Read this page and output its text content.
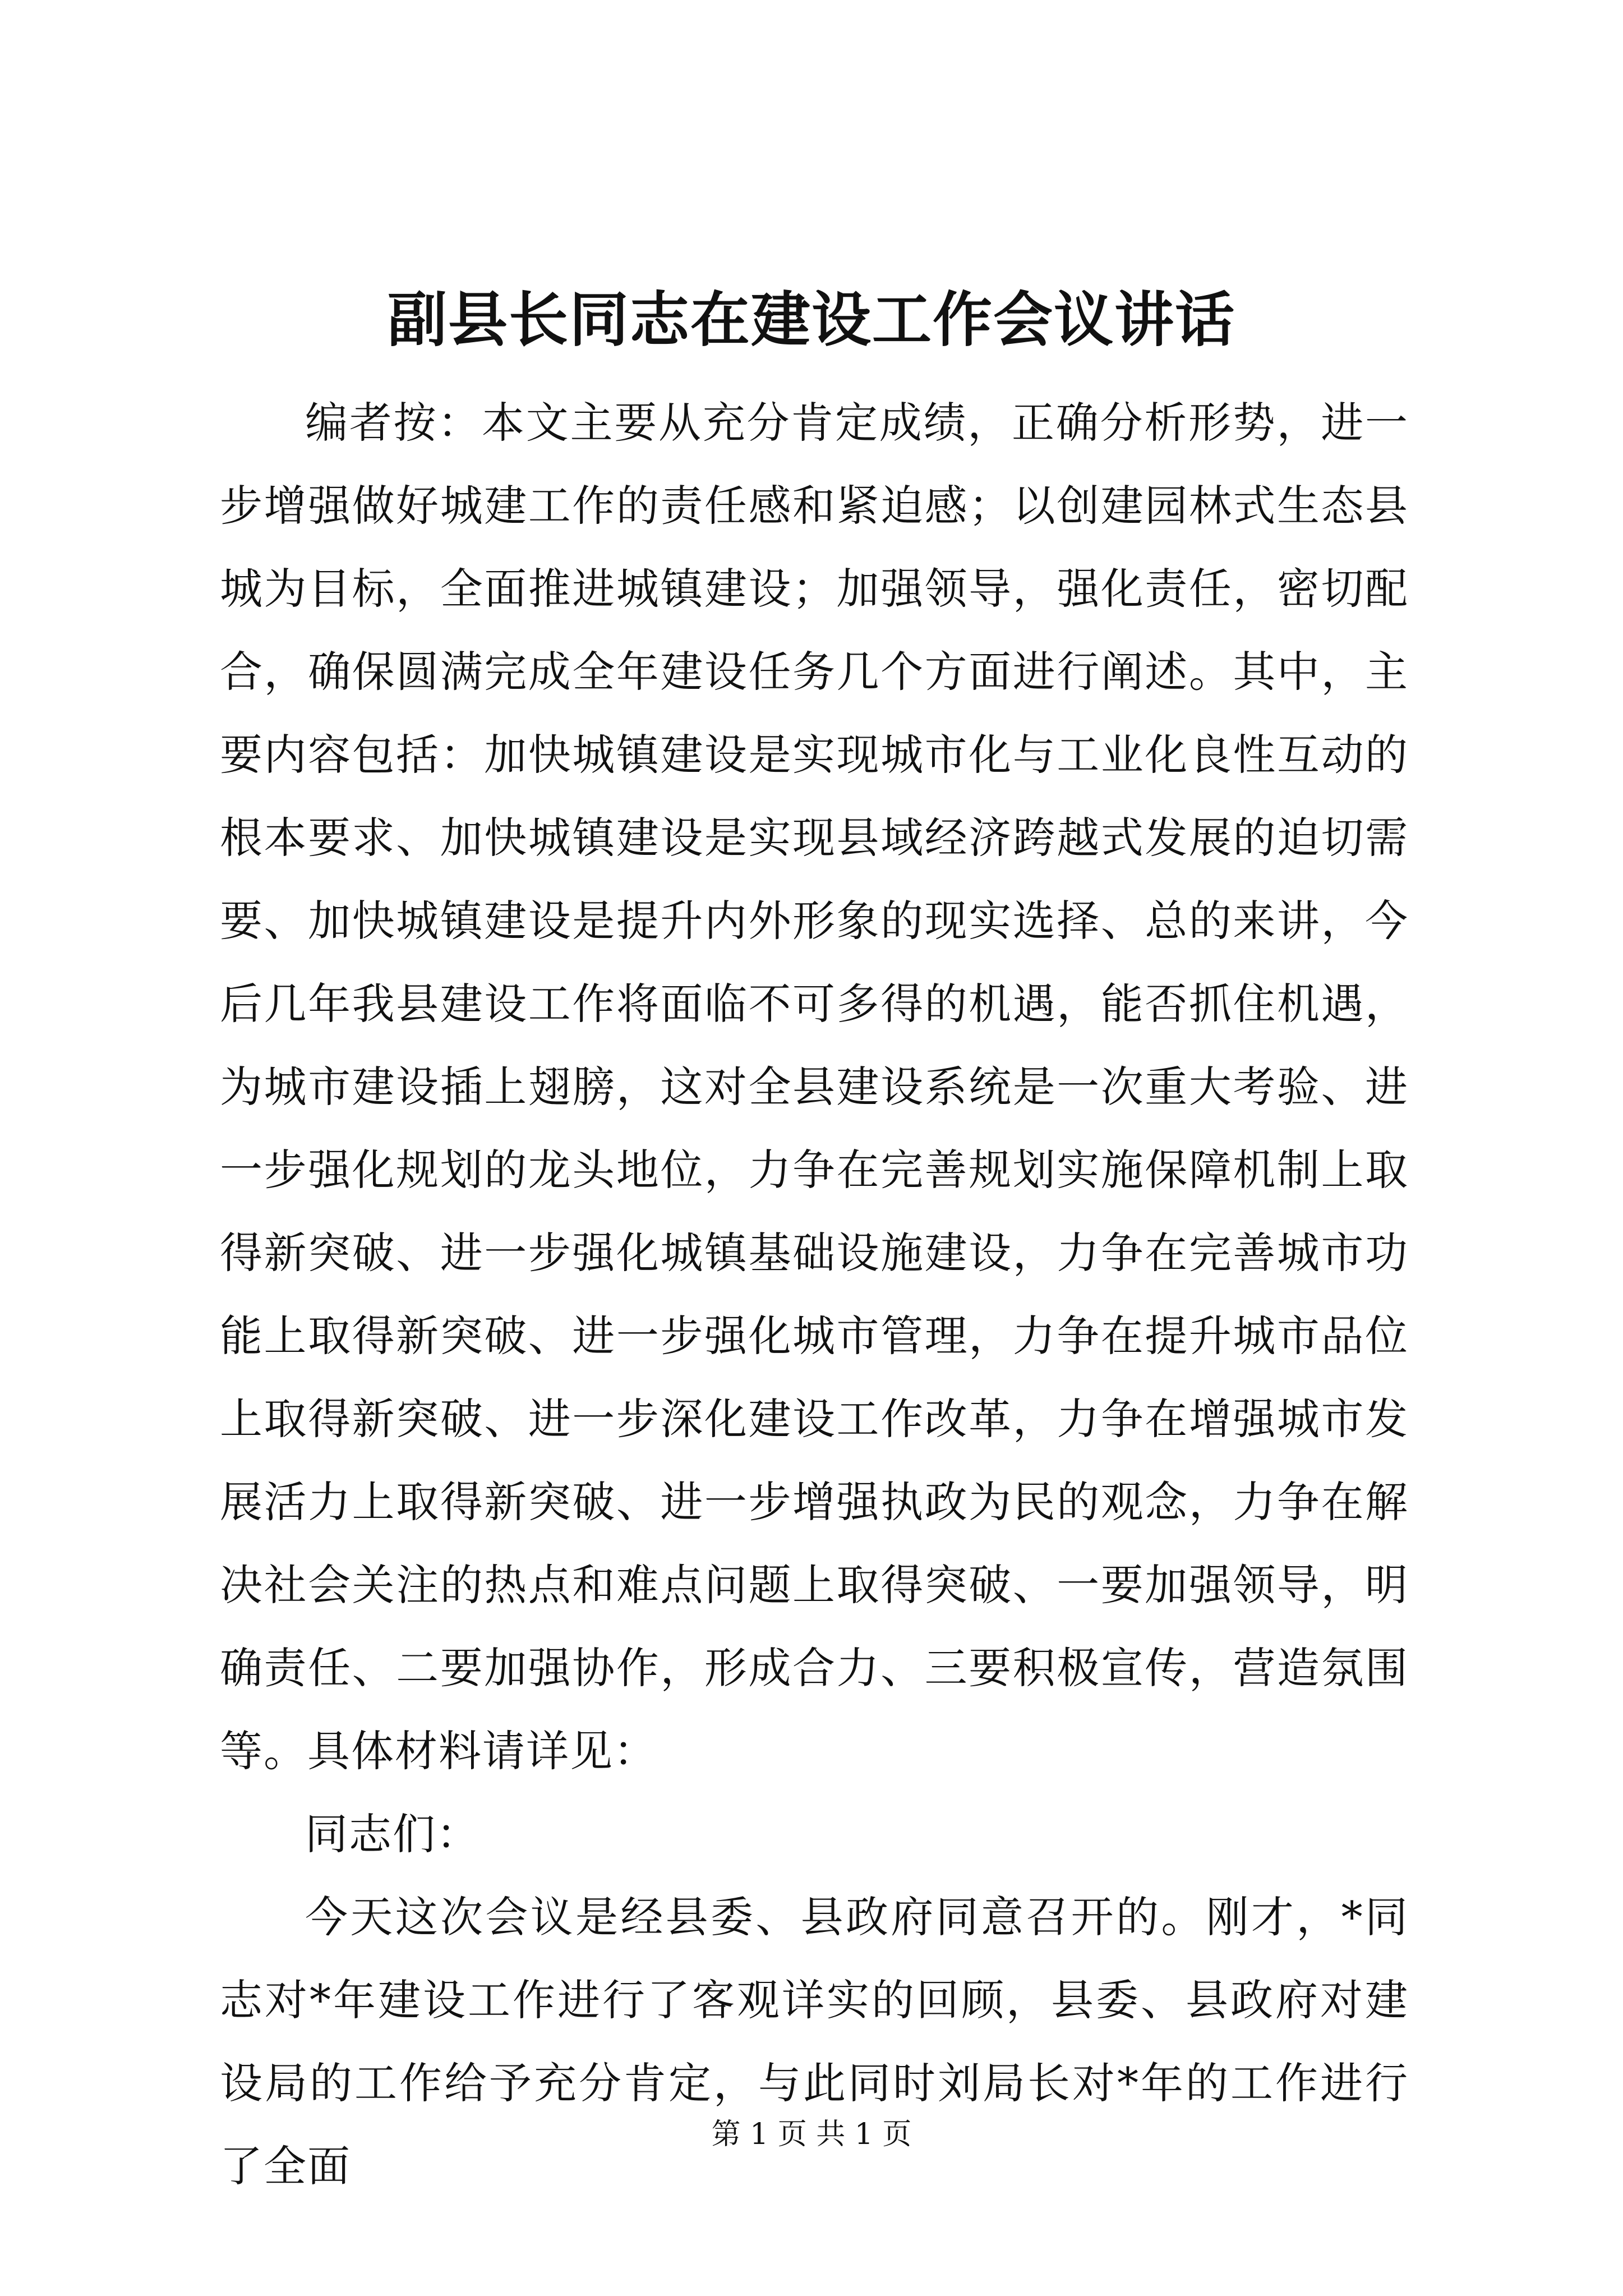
副县长同志在建设工作会议讲话

编者按：本文主要从充分肯定成绩，正确分析形势，进一步增强做好城建工作的责任感和紧迫感；以创建园林式生态县城为目标，全面推进城镇建设；加强领导，强化责任，密切配合，确保圆满完成全年建设任务几个方面进行阐述。其中，主要内容包括：加快城镇建设是实现城市化与工业化良性互动的根本要求、加快城镇建设是实现县域经济跨越式发展的迫切需要、加快城镇建设是提升内外形象的现实选择、总的来讲，今后几年我县建设工作将面临不可多得的机遇，能否抓住机遇，为城市建设插上翅膀，这对全县建设系统是一次重大考验、进一步强化规划的龙头地位，力争在完善规划实施保障机制上取得新突破、进一步强化城镇基础设施建设，力争在完善城市功能上取得新突破、进一步强化城市管理，力争在提升城市品位上取得新突破、进一步深化建设工作改革，力争在增强城市发展活力上取得新突破、进一步增强执政为民的观念，力争在解决社会关注的热点和难点问题上取得突破、一要加强领导，明确责任、二要加强协作，形成合力、三要积极宣传，营造氛围等。具体材料请详见：

同志们：

今天这次会议是经县委、县政府同意召开的。刚才，*同志对*年建设工作进行了客观详实的回顾，县委、县政府对建设局的工作给予充分肯定，与此同时刘局长对*年的工作进行了全面

第 1 页 共 1 页
